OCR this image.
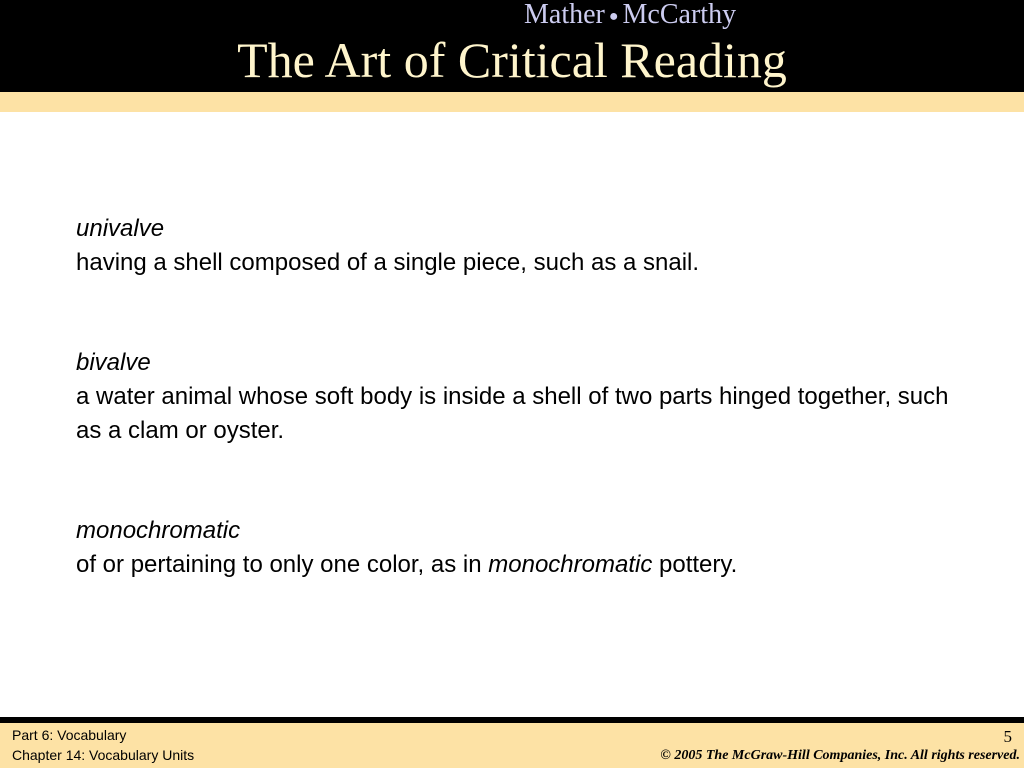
Mather ● McCarthy
The Art of Critical Reading

univalve
having a shell composed of a single piece, such as a snail.

bivalve
a water animal whose soft body is inside a shell of two parts hinged together, such as a clam or oyster.

monochromatic
of or pertaining to only one color, as in monochromatic pottery.

Part 6: Vocabulary
Chapter 14: Vocabulary Units
5
© 2005 The McGraw-Hill Companies, Inc. All rights reserved.
